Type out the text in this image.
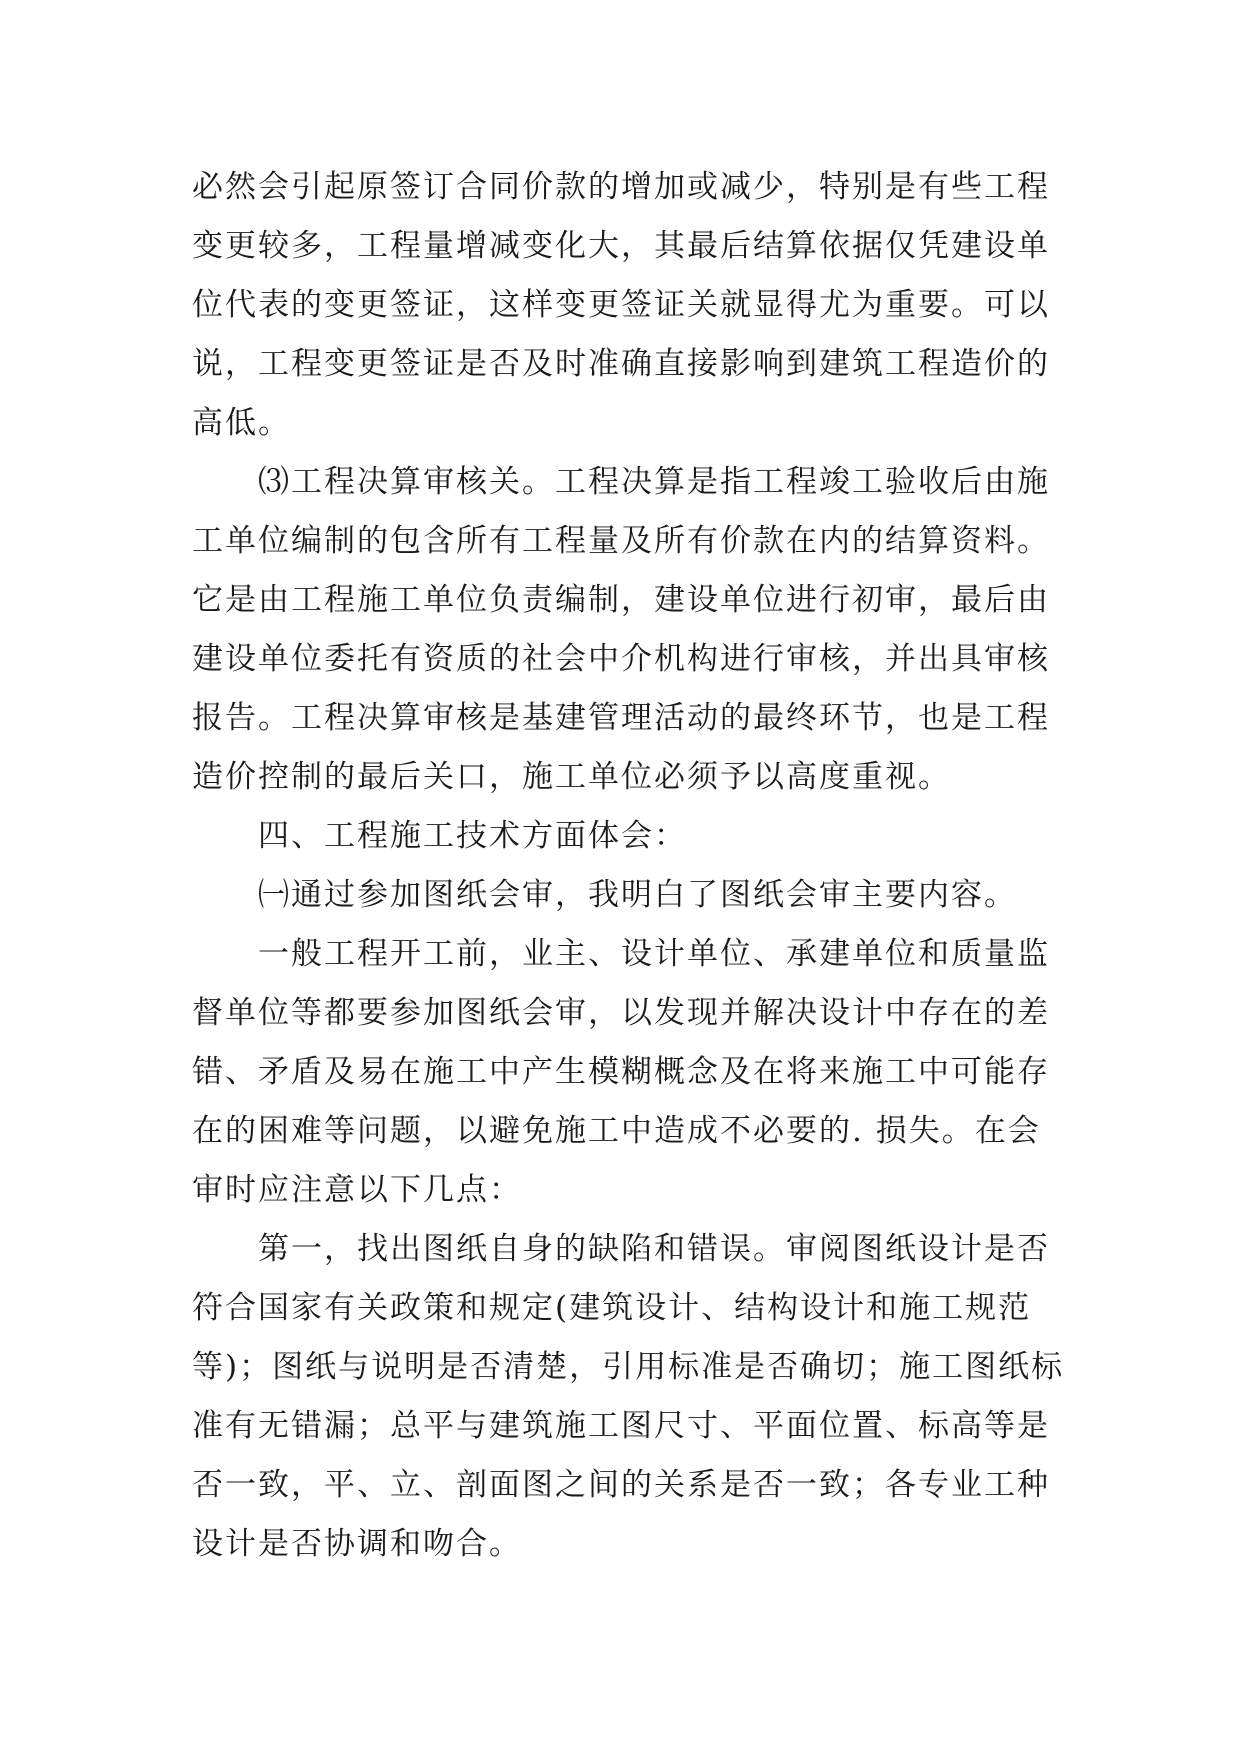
必然会引起原签订合同价款的增加或减少，特别是有些工程
变更较多，工程量增减变化大，其最后结算依据仅凭建设单
位代表的变更签证，这样变更签证关就显得尤为重要。可以
说，工程变更签证是否及时准确直接影响到建筑工程造价的
高低。
⑶工程决算审核关。工程决算是指工程竣工验收后由施
工单位编制的包含所有工程量及所有价款在内的结算资料。
它是由工程施工单位负责编制，建设单位进行初审，最后由
建设单位委托有资质的社会中介机构进行审核，并出具审核
报告。工程决算审核是基建管理活动的最终环节，也是工程
造价控制的最后关口，施工单位必须予以高度重视。
四、工程施工技术方面体会：
㈠通过参加图纸会审，我明白了图纸会审主要内容。
一般工程开工前，业主、设计单位、承建单位和质量监
督单位等都要参加图纸会审，以发现并解决设计中存在的差
错、矛盾及易在施工中产生模糊概念及在将来施工中可能存
在的困难等问题，以避免施工中造成不必要的. 损失。在会
审时应注意以下几点：
第一，找出图纸自身的缺陷和错误。审阅图纸设计是否
符合国家有关政策和规定(建筑设计、结构设计和施工规范
等)；图纸与说明是否清楚，引用标准是否确切；施工图纸标
准有无错漏；总平与建筑施工图尺寸、平面位置、标高等是
否一致，平、立、剖面图之间的关系是否一致；各专业工种
设计是否协调和吻合。
